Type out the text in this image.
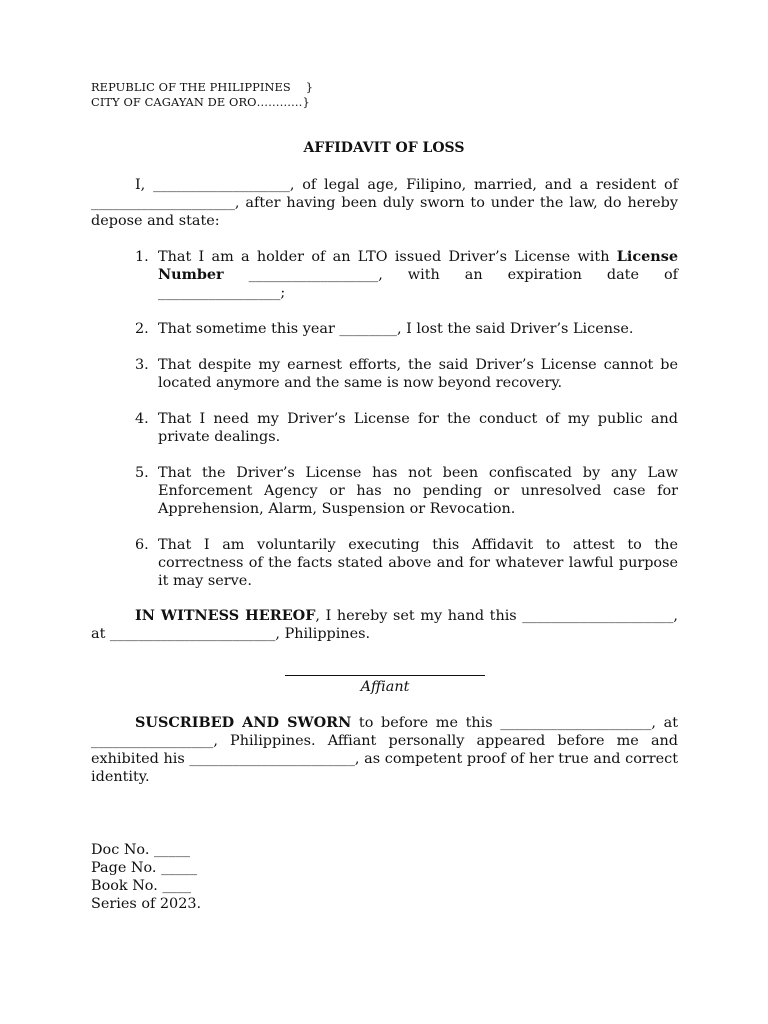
REPUBLIC OF THE PHILIPPINES    }
CITY OF CAGAYAN DE ORO…………}
AFFIDAVIT OF LOSS

I, ___________________, of legal age, Filipino, married, and a resident of ____________________, after having been duly sworn to under the law, do hereby depose and state:

1. That I am a holder of an LTO issued Driver’s License with License Number __________________, with an expiration date of _________________;
2. That sometime this year ________, I lost the said Driver’s License.
3. That despite my earnest efforts, the said Driver’s License cannot be located anymore and the same is now beyond recovery.
4. That I need my Driver’s License for the conduct of my public and private dealings.
5. That the Driver’s License has not been confiscated by any Law Enforcement Agency or has no pending or unresolved case for Apprehension, Alarm, Suspension or Revocation.
6. That I am voluntarily executing this Affidavit to attest to the correctness of the facts stated above and for whatever lawful purpose it may serve.

IN WITNESS HEREOF, I hereby set my hand this _____________________, at _______________________, Philippines.

Affiant

SUSCRIBED AND SWORN to before me this _____________________, at _________________, Philippines. Affiant personally appeared before me and exhibited his _______________________, as competent proof of her true and correct identity.

Doc No. _____
Page No. _____
Book No. ____
Series of 2023.
